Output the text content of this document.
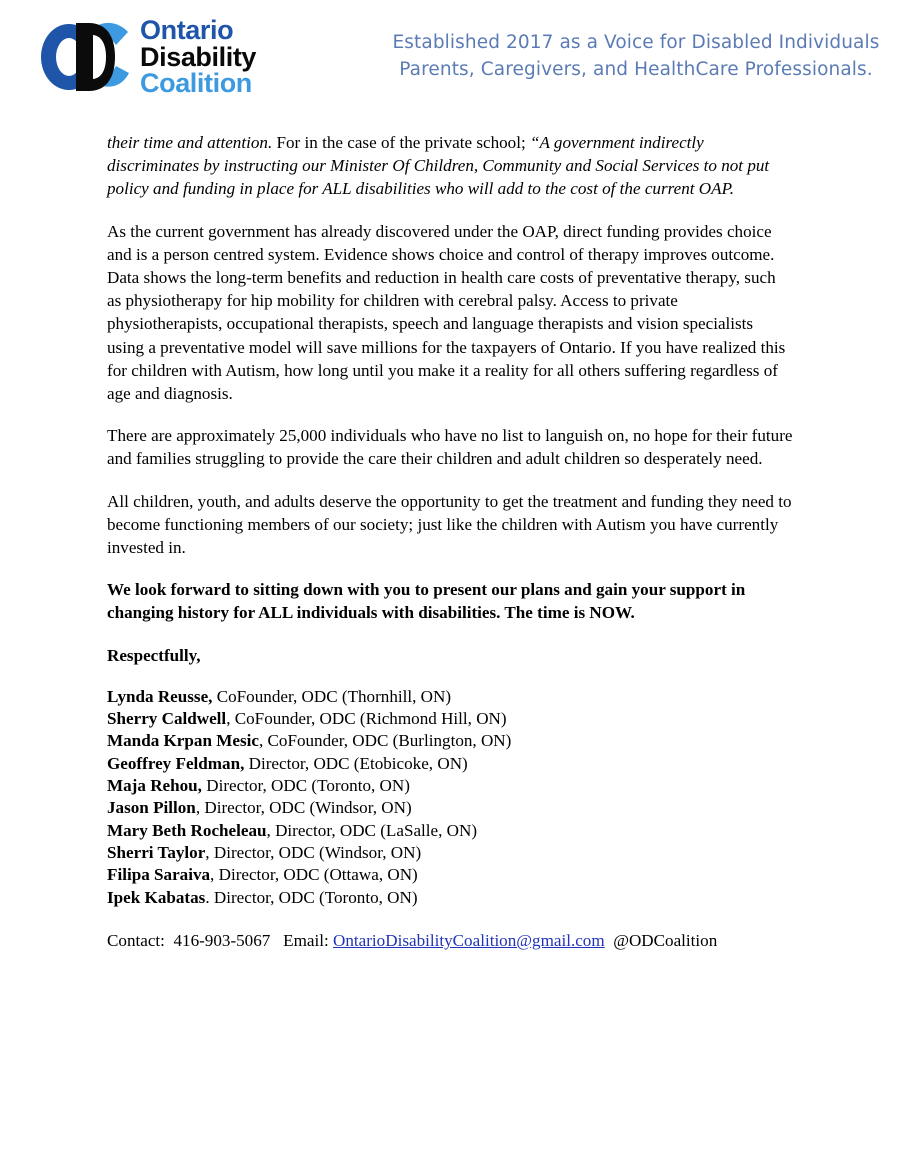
Ontario
Disability
Coalition
Established 2017 as a Voice for Disabled Individuals
Parents, Caregivers, and HealthCare Professionals.

their time and attention. For in the case of the private school; “A government indirectly discriminates by instructing our Minister Of Children, Community and Social Services to not put policy and funding in place for ALL disabilities who will add to the cost of the current OAP.

As the current government has already discovered under the OAP, direct funding provides choice and is a person centred system. Evidence shows choice and control of therapy improves outcome. Data shows the long-term benefits and reduction in health care costs of preventative therapy, such as physiotherapy for hip mobility for children with cerebral palsy. Access to private physiotherapists, occupational therapists, speech and language therapists and vision specialists using a preventative model will save millions for the taxpayers of Ontario. If you have realized this for children with Autism, how long until you make it a reality for all others suffering regardless of age and diagnosis.

There are approximately 25,000 individuals who have no list to languish on, no hope for their future and families struggling to provide the care their children and adult children so desperately need.

All children, youth, and adults deserve the opportunity to get the treatment and funding they need to become functioning members of our society; just like the children with Autism you have currently invested in.

We look forward to sitting down with you to present our plans and gain your support in changing history for ALL individuals with disabilities. The time is NOW.

Respectfully,

Lynda Reusse, CoFounder, ODC (Thornhill, ON)
Sherry Caldwell, CoFounder, ODC (Richmond Hill, ON)
Manda Krpan Mesic, CoFounder, ODC (Burlington, ON)
Geoffrey Feldman, Director, ODC (Etobicoke, ON)
Maja Rehou, Director, ODC (Toronto, ON)
Jason Pillon, Director, ODC (Windsor, ON)
Mary Beth Rocheleau, Director, ODC (LaSalle, ON)
Sherri Taylor, Director, ODC (Windsor, ON)
Filipa Saraiva, Director, ODC (Ottawa, ON)
Ipek Kabatas. Director, ODC (Toronto, ON)

Contact: 416-903-5067 Email: OntarioDisabilityCoalition@gmail.com @ODCoalition
